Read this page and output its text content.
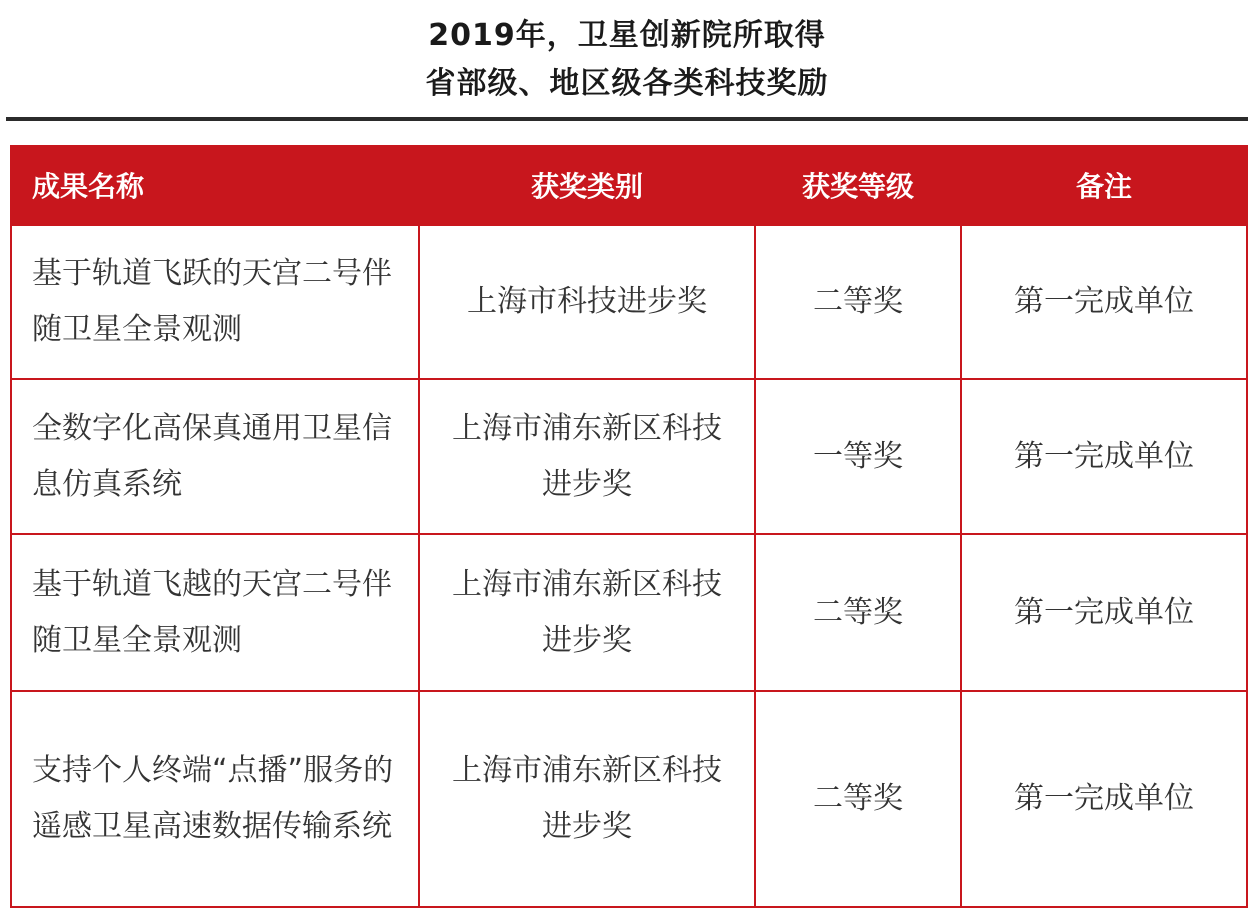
2019年，卫星创新院所取得
省部级、地区级各类科技奖励
成果名称	获奖类别	获奖等级	备注
基于轨道飞跃的天宫二号伴随卫星全景观测	上海市科技进步奖	二等奖	第一完成单位
全数字化高保真通用卫星信息仿真系统	上海市浦东新区科技进步奖	一等奖	第一完成单位
基于轨道飞越的天宫二号伴随卫星全景观测	上海市浦东新区科技进步奖	二等奖	第一完成单位
支持个人终端“点播”服务的遥感卫星高速数据传输系统	上海市浦东新区科技进步奖	二等奖	第一完成单位
